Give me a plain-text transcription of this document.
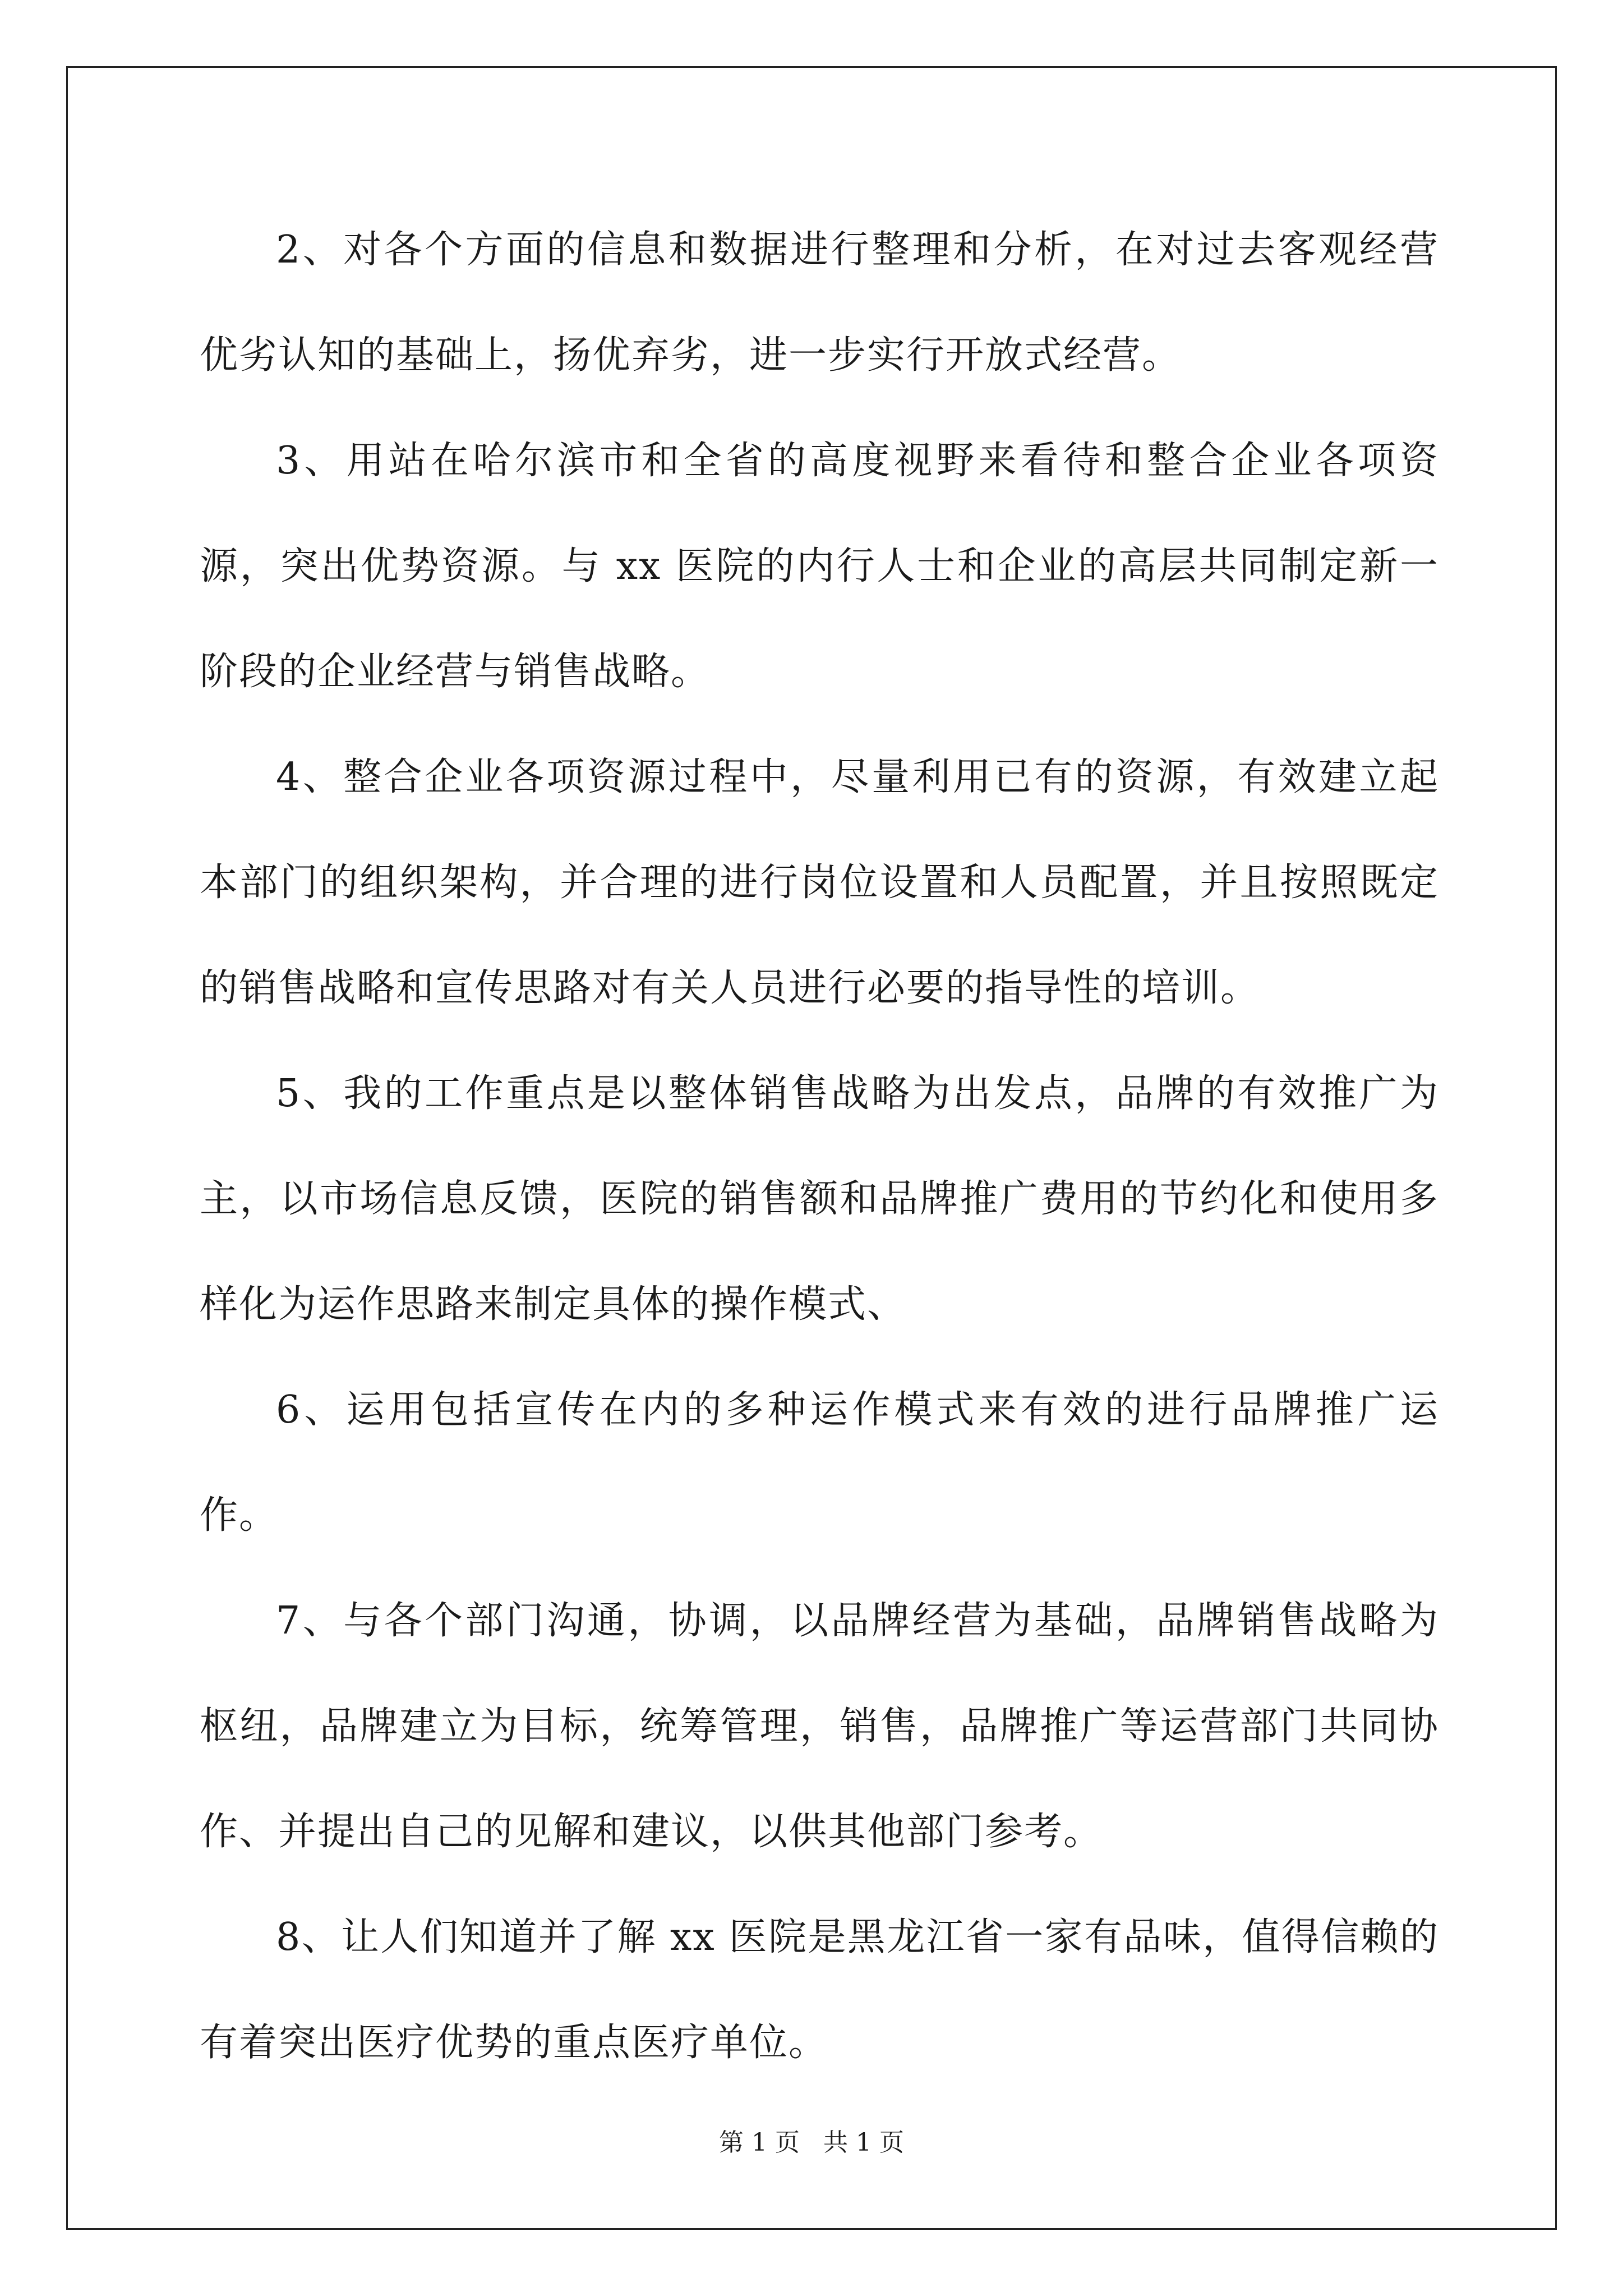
2、对各个方面的信息和数据进行整理和分析，在对过去客观经营优劣认知的基础上，扬优弃劣，进一步实行开放式经营。

3、用站在哈尔滨市和全省的高度视野来看待和整合企业各项资源，突出优势资源。与 xx 医院的内行人士和企业的高层共同制定新一阶段的企业经营与销售战略。

4、整合企业各项资源过程中，尽量利用已有的资源，有效建立起本部门的组织架构，并合理的进行岗位设置和人员配置，并且按照既定的销售战略和宣传思路对有关人员进行必要的指导性的培训。

5、我的工作重点是以整体销售战略为出发点，品牌的有效推广为主，以市场信息反馈，医院的销售额和品牌推广费用的节约化和使用多样化为运作思路来制定具体的操作模式、

6、运用包括宣传在内的多种运作模式来有效的进行品牌推广运作。

7、与各个部门沟通，协调，以品牌经营为基础，品牌销售战略为枢纽，品牌建立为目标，统筹管理，销售，品牌推广等运营部门共同协作、并提出自己的见解和建议，以供其他部门参考。

8、让人们知道并了解 xx 医院是黑龙江省一家有品味，值得信赖的有着突出医疗优势的重点医疗单位。

第 1 页 共 1 页
